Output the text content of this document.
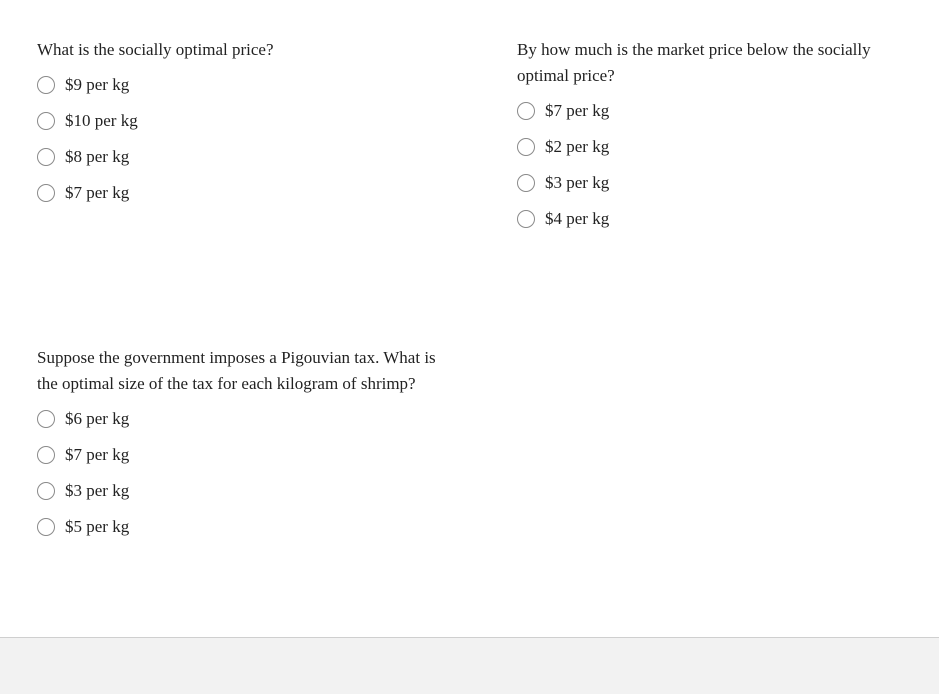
What is the socially optimal price?

$9 per kg
$10 per kg
$8 per kg
$7 per kg

By how much is the market price below the socially optimal price?

$7 per kg
$2 per kg
$3 per kg
$4 per kg

Suppose the government imposes a Pigouvian tax. What is the optimal size of the tax for each kilogram of shrimp?

$6 per kg
$7 per kg
$3 per kg
$5 per kg
